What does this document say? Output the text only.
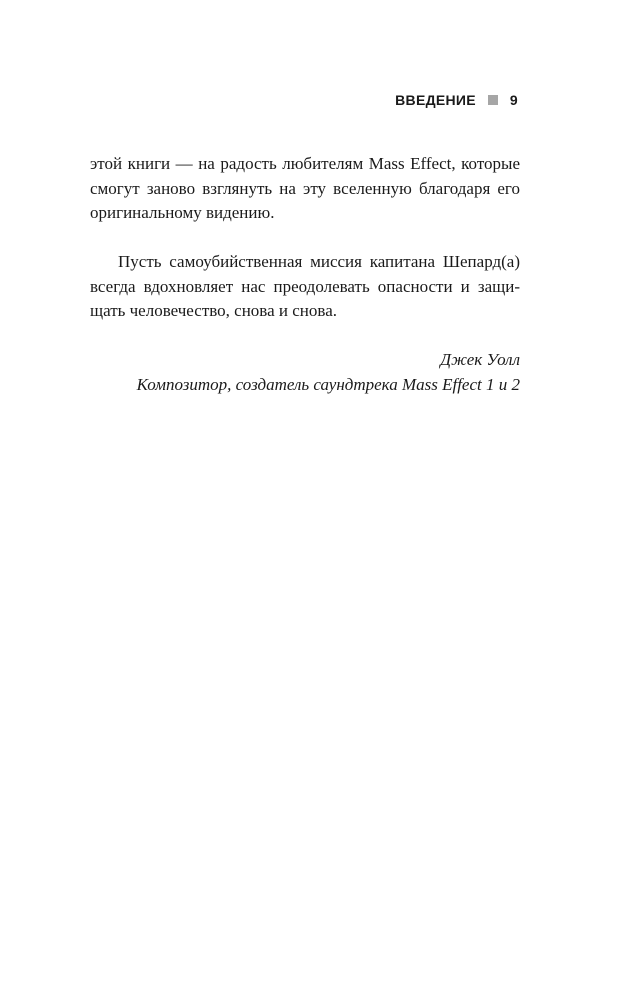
ВВЕДЕНИЕ 9

этой книги — на радость любителям Mass Effect, которые смогут заново взглянуть на эту вселенную благодаря его оригинальному видению.

Пусть самоубийственная миссия капитана Шепард(а) всегда вдохновляет нас преодолевать опасности и защищать человечество, снова и снова.

Джек Уолл
Композитор, создатель саундтрека Mass Effect 1 и 2
